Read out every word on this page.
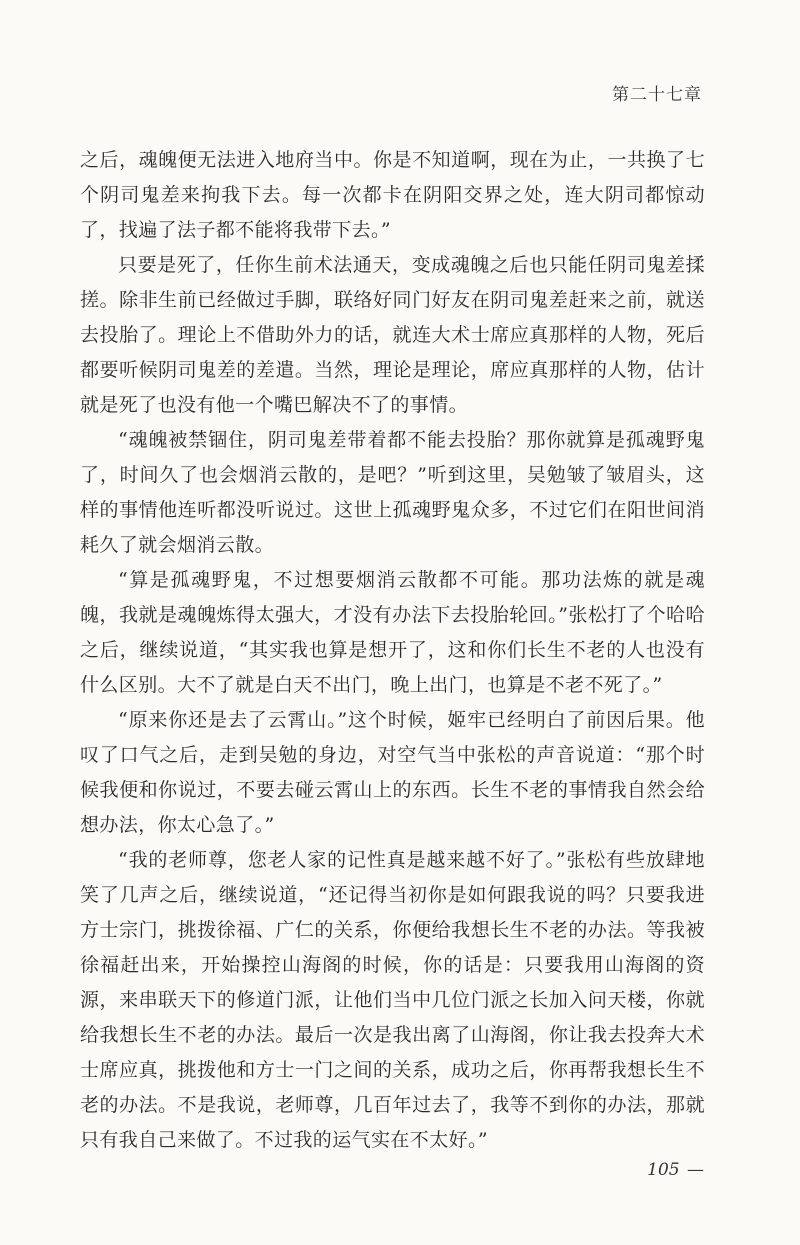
第二十七章

之后，魂魄便无法进入地府当中。你是不知道啊，现在为止，一共换了七个阴司鬼差来拘我下去。每一次都卡在阴阳交界之处，连大阴司都惊动了，找遍了法子都不能将我带下去。”

只要是死了，任你生前术法通天，变成魂魄之后也只能任阴司鬼差揉搓。除非生前已经做过手脚，联络好同门好友在阴司鬼差赶来之前，就送去投胎了。理论上不借助外力的话，就连大术士席应真那样的人物，死后都要听候阴司鬼差的差遣。当然，理论是理论，席应真那样的人物，估计就是死了也没有他一个嘴巴解决不了的事情。

“魂魄被禁锢住，阴司鬼差带着都不能去投胎？那你就算是孤魂野鬼了，时间久了也会烟消云散的，是吧？”听到这里，吴勉皱了皱眉头，这样的事情他连听都没听说过。这世上孤魂野鬼众多，不过它们在阳世间消耗久了就会烟消云散。

“算是孤魂野鬼，不过想要烟消云散都不可能。那功法炼的就是魂魄，我就是魂魄炼得太强大，才没有办法下去投胎轮回。”张松打了个哈哈之后，继续说道，“其实我也算是想开了，这和你们长生不老的人也没有什么区别。大不了就是白天不出门，晚上出门，也算是不老不死了。”

“原来你还是去了云霄山。”这个时候，姬牢已经明白了前因后果。他叹了口气之后，走到吴勉的身边，对空气当中张松的声音说道：“那个时候我便和你说过，不要去碰云霄山上的东西。长生不老的事情我自然会给想办法，你太心急了。”

“我的老师尊，您老人家的记性真是越来越不好了。”张松有些放肆地笑了几声之后，继续说道，“还记得当初你是如何跟我说的吗？只要我进方士宗门，挑拨徐福、广仁的关系，你便给我想长生不老的办法。等我被徐福赶出来，开始操控山海阁的时候，你的话是：只要我用山海阁的资源，来串联天下的修道门派，让他们当中几位门派之长加入问天楼，你就给我想长生不老的办法。最后一次是我出离了山海阁，你让我去投奔大术士席应真，挑拨他和方士一门之间的关系，成功之后，你再帮我想长生不老的办法。不是我说，老师尊，几百年过去了，我等不到你的办法，那就只有我自己来做了。不过我的运气实在不太好。”

105 —
